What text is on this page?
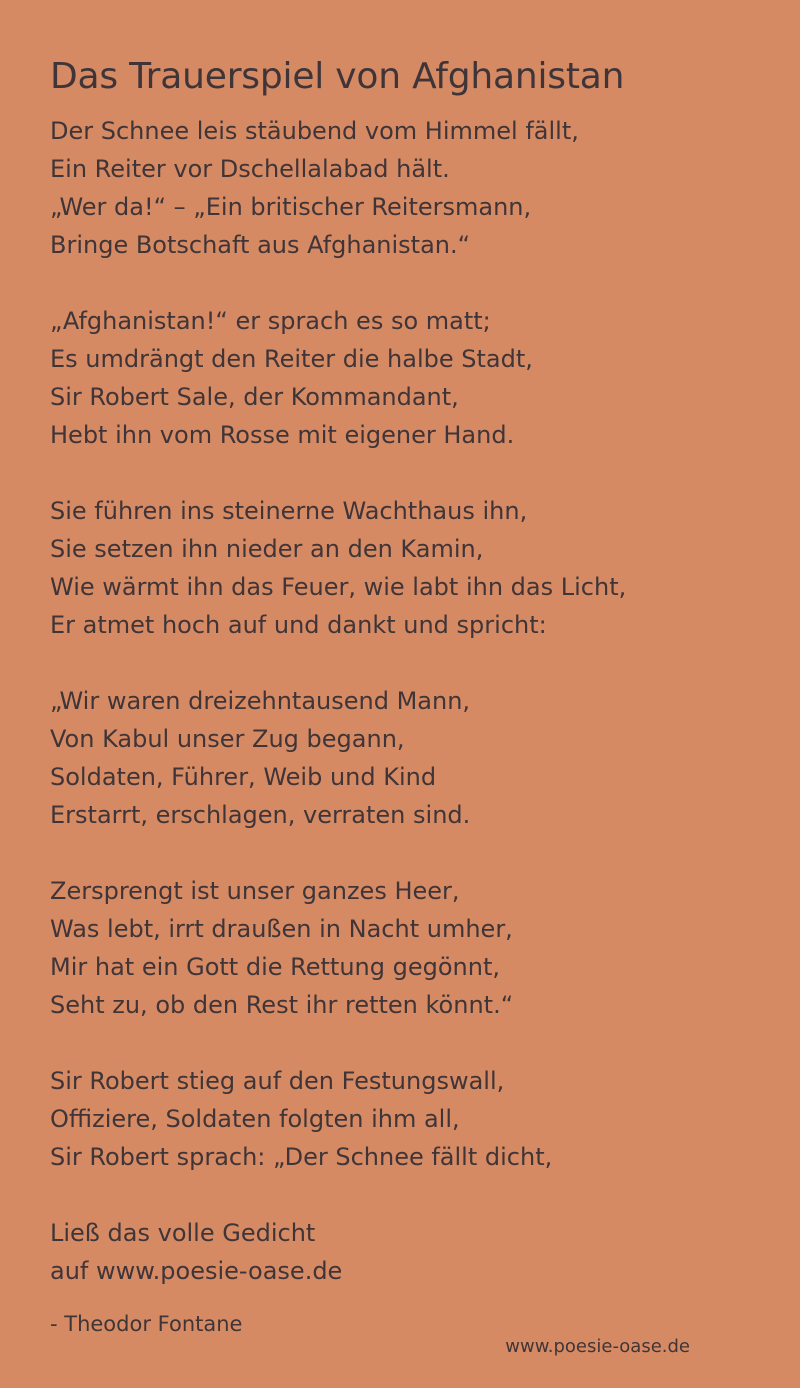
Das Trauerspiel von Afghanistan
Der Schnee leis stäubend vom Himmel fällt,
Ein Reiter vor Dschellalabad hält.
„Wer da!“ – „Ein britischer Reitersmann,
Bringe Botschaft aus Afghanistan.“
„Afghanistan!“ er sprach es so matt;
Es umdrängt den Reiter die halbe Stadt,
Sir Robert Sale, der Kommandant,
Hebt ihn vom Rosse mit eigener Hand.
Sie führen ins steinerne Wachthaus ihn,
Sie setzen ihn nieder an den Kamin,
Wie wärmt ihn das Feuer, wie labt ihn das Licht,
Er atmet hoch auf und dankt und spricht:
„Wir waren dreizehntausend Mann,
Von Kabul unser Zug begann,
Soldaten, Führer, Weib und Kind
Erstarrt, erschlagen, verraten sind.
Zersprengt ist unser ganzes Heer,
Was lebt, irrt draußen in Nacht umher,
Mir hat ein Gott die Rettung gegönnt,
Seht zu, ob den Rest ihr retten könnt.“
Sir Robert stieg auf den Festungswall,
Offiziere, Soldaten folgten ihm all,
Sir Robert sprach: „Der Schnee fällt dicht,
Ließ das volle Gedicht
auf www.poesie-oase.de
- Theodor Fontane
www.poesie-oase.de
